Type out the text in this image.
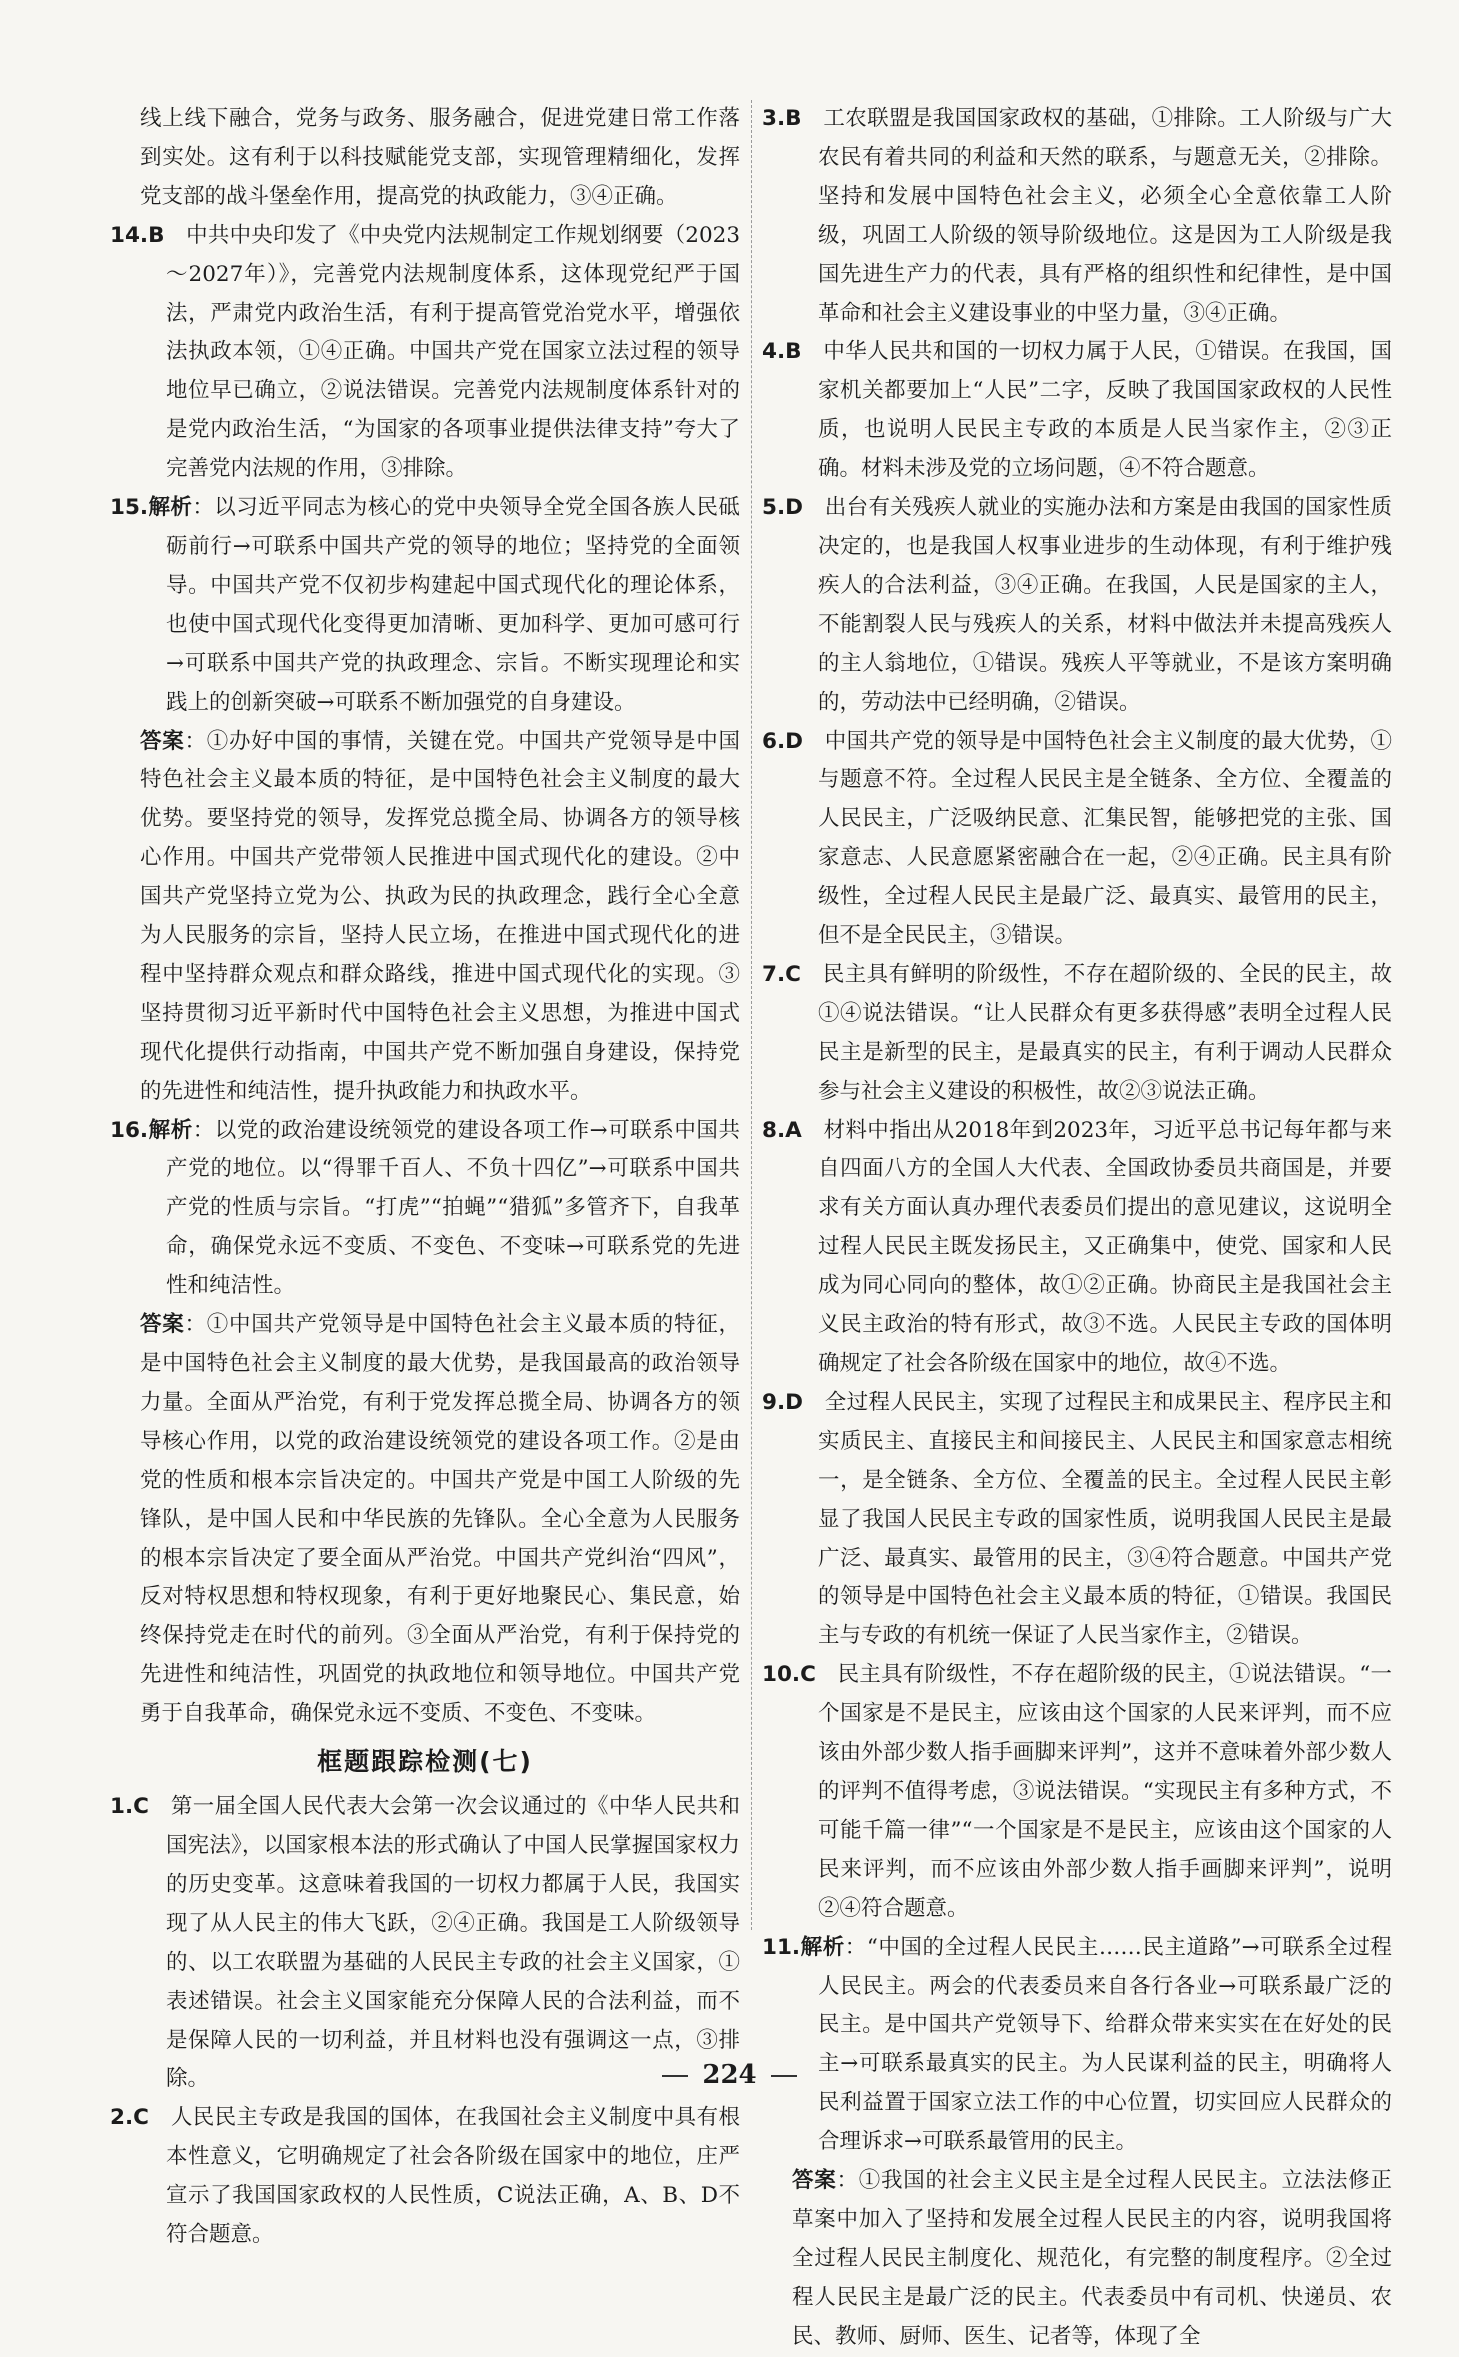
线上线下融合，党务与政务、服务融合，促进党建日常工作落到实处。这有利于以科技赋能党支部，实现管理精细化，发挥党支部的战斗堡垒作用，提高党的执政能力，③④正确。

14.B  中共中央印发了《中央党内法规制定工作规划纲要（2023～2027年）》，完善党内法规制度体系，这体现党纪严于国法，严肃党内政治生活，有利于提高管党治党水平，增强依法执政本领，①④正确。中国共产党在国家立法过程的领导地位早已确立，②说法错误。完善党内法规制度体系针对的是党内政治生活，“为国家的各项事业提供法律支持”夸大了完善党内法规的作用，③排除。

15.解析：以习近平同志为核心的党中央领导全党全国各族人民砥砺前行→可联系中国共产党的领导的地位；坚持党的全面领导。中国共产党不仅初步构建起中国式现代化的理论体系，也使中国式现代化变得更加清晰、更加科学、更加可感可行→可联系中国共产党的执政理念、宗旨。不断实现理论和实践上的创新突破→可联系不断加强党的自身建设。

答案：①办好中国的事情，关键在党。中国共产党领导是中国特色社会主义最本质的特征，是中国特色社会主义制度的最大优势。要坚持党的领导，发挥党总揽全局、协调各方的领导核心作用。中国共产党带领人民推进中国式现代化的建设。②中国共产党坚持立党为公、执政为民的执政理念，践行全心全意为人民服务的宗旨，坚持人民立场，在推进中国式现代化的进程中坚持群众观点和群众路线，推进中国式现代化的实现。③坚持贯彻习近平新时代中国特色社会主义思想，为推进中国式现代化提供行动指南，中国共产党不断加强自身建设，保持党的先进性和纯洁性，提升执政能力和执政水平。

16.解析：以党的政治建设统领党的建设各项工作→可联系中国共产党的地位。以“得罪千百人、不负十四亿”→可联系中国共产党的性质与宗旨。“打虎”“拍蝇”“猎狐”多管齐下，自我革命，确保党永远不变质、不变色、不变味→可联系党的先进性和纯洁性。

答案：①中国共产党领导是中国特色社会主义最本质的特征，是中国特色社会主义制度的最大优势，是我国最高的政治领导力量。全面从严治党，有利于党发挥总揽全局、协调各方的领导核心作用，以党的政治建设统领党的建设各项工作。②是由党的性质和根本宗旨决定的。中国共产党是中国工人阶级的先锋队，是中国人民和中华民族的先锋队。全心全意为人民服务的根本宗旨决定了要全面从严治党。中国共产党纠治“四风”，反对特权思想和特权现象，有利于更好地聚民心、集民意，始终保持党走在时代的前列。③全面从严治党，有利于保持党的先进性和纯洁性，巩固党的执政地位和领导地位。中国共产党勇于自我革命，确保党永远不变质、不变色、不变味。

框题跟踪检测(七)

1.C  第一届全国人民代表大会第一次会议通过的《中华人民共和国宪法》，以国家根本法的形式确认了中国人民掌握国家权力的历史变革。这意味着我国的一切权力都属于人民，我国实现了从人民主的伟大飞跃，②④正确。我国是工人阶级领导的、以工农联盟为基础的人民民主专政的社会主义国家，①表述错误。社会主义国家能充分保障人民的合法利益，而不是保障人民的一切利益，并且材料也没有强调这一点，③排除。

2.C  人民民主专政是我国的国体，在我国社会主义制度中具有根本性意义，它明确规定了社会各阶级在国家中的地位，庄严宣示了我国国家政权的人民性质，C说法正确，A、B、D不符合题意。

3.B  工农联盟是我国国家政权的基础，①排除。工人阶级与广大农民有着共同的利益和天然的联系，与题意无关，②排除。坚持和发展中国特色社会主义，必须全心全意依靠工人阶级，巩固工人阶级的领导阶级地位。这是因为工人阶级是我国先进生产力的代表，具有严格的组织性和纪律性，是中国革命和社会主义建设事业的中坚力量，③④正确。

4.B  中华人民共和国的一切权力属于人民，①错误。在我国，国家机关都要加上“人民”二字，反映了我国国家政权的人民性质，也说明人民民主专政的本质是人民当家作主，②③正确。材料未涉及党的立场问题，④不符合题意。

5.D  出台有关残疾人就业的实施办法和方案是由我国的国家性质决定的，也是我国人权事业进步的生动体现，有利于维护残疾人的合法利益，③④正确。在我国，人民是国家的主人，不能割裂人民与残疾人的关系，材料中做法并未提高残疾人的主人翁地位，①错误。残疾人平等就业，不是该方案明确的，劳动法中已经明确，②错误。

6.D  中国共产党的领导是中国特色社会主义制度的最大优势，①与题意不符。全过程人民民主是全链条、全方位、全覆盖的人民民主，广泛吸纳民意、汇集民智，能够把党的主张、国家意志、人民意愿紧密融合在一起，②④正确。民主具有阶级性，全过程人民民主是最广泛、最真实、最管用的民主，但不是全民民主，③错误。

7.C  民主具有鲜明的阶级性，不存在超阶级的、全民的民主，故①④说法错误。“让人民群众有更多获得感”表明全过程人民民主是新型的民主，是最真实的民主，有利于调动人民群众参与社会主义建设的积极性，故②③说法正确。

8.A  材料中指出从2018年到2023年，习近平总书记每年都与来自四面八方的全国人大代表、全国政协委员共商国是，并要求有关方面认真办理代表委员们提出的意见建议，这说明全过程人民民主既发扬民主，又正确集中，使党、国家和人民成为同心同向的整体，故①②正确。协商民主是我国社会主义民主政治的特有形式，故③不选。人民民主专政的国体明确规定了社会各阶级在国家中的地位，故④不选。

9.D  全过程人民民主，实现了过程民主和成果民主、程序民主和实质民主、直接民主和间接民主、人民民主和国家意志相统一，是全链条、全方位、全覆盖的民主。全过程人民民主彰显了我国人民民主专政的国家性质，说明我国人民民主是最广泛、最真实、最管用的民主，③④符合题意。中国共产党的领导是中国特色社会主义最本质的特征，①错误。我国民主与专政的有机统一保证了人民当家作主，②错误。

10.C  民主具有阶级性，不存在超阶级的民主，①说法错误。“一个国家是不是民主，应该由这个国家的人民来评判，而不应该由外部少数人指手画脚来评判”，这并不意味着外部少数人的评判不值得考虑，③说法错误。“实现民主有多种方式，不可能千篇一律”“一个国家是不是民主，应该由这个国家的人民来评判，而不应该由外部少数人指手画脚来评判”，说明②④符合题意。

11.解析：“中国的全过程人民民主……民主道路”→可联系全过程人民民主。两会的代表委员来自各行各业→可联系最广泛的民主。是中国共产党领导下、给群众带来实实在在好处的民主→可联系最真实的民主。为人民谋利益的民主，明确将人民利益置于国家立法工作的中心位置，切实回应人民群众的合理诉求→可联系最管用的民主。

答案：①我国的社会主义民主是全过程人民民主。立法法修正草案中加入了坚持和发展全过程人民民主的内容，说明我国将全过程人民民主制度化、规范化，有完整的制度程序。②全过程人民民主是最广泛的民主。代表委员中有司机、快递员、农民、教师、厨师、医生、记者等，体现了全

224
